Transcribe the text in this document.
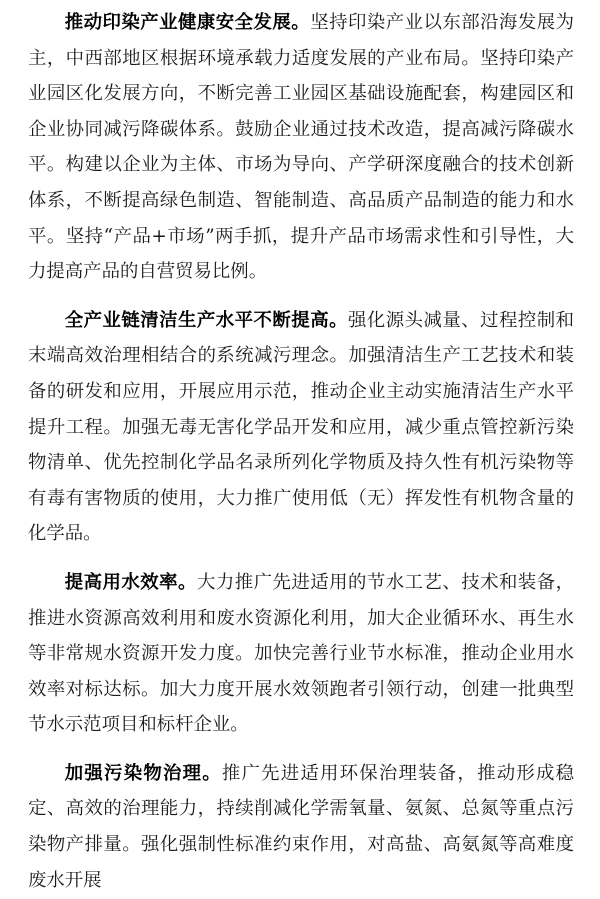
推动印染产业健康安全发展。坚持印染产业以东部沿海发展为主，中西部地区根据环境承载力适度发展的产业布局。坚持印染产业园区化发展方向，不断完善工业园区基础设施配套，构建园区和企业协同减污降碳体系。鼓励企业通过技术改造，提高减污降碳水平。构建以企业为主体、市场为导向、产学研深度融合的技术创新体系，不断提高绿色制造、智能制造、高品质产品制造的能力和水平。坚持“产品+市场”两手抓，提升产品市场需求性和引导性，大力提高产品的自营贸易比例。

全产业链清洁生产水平不断提高。强化源头减量、过程控制和末端高效治理相结合的系统减污理念。加强清洁生产工艺技术和装备的研发和应用，开展应用示范，推动企业主动实施清洁生产水平提升工程。加强无毒无害化学品开发和应用，减少重点管控新污染物清单、优先控制化学品名录所列化学物质及持久性有机污染物等有毒有害物质的使用，大力推广使用低（无）挥发性有机物含量的化学品。

提高用水效率。大力推广先进适用的节水工艺、技术和装备，推进水资源高效利用和废水资源化利用，加大企业循环水、再生水等非常规水资源开发力度。加快完善行业节水标准，推动企业用水效率对标达标。加大力度开展水效领跑者引领行动，创建一批典型节水示范项目和标杆企业。

加强污染物治理。推广先进适用环保治理装备，推动形成稳定、高效的治理能力，持续削减化学需氧量、氨氮、总氮等重点污染物产排量。强化强制性标准约束作用，对高盐、高氨氮等高难度废水开展
